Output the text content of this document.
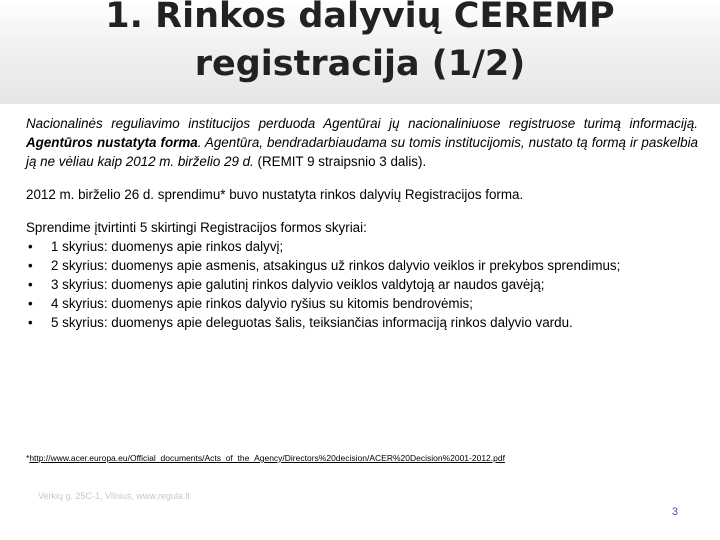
1. Rinkos dalyvių CEREMP
registracija (1/2)

Nacionalinės reguliavimo institucijos perduoda Agentūrai jų nacionaliniuose registruose turimą informaciją. Agentūros nustatyta forma. Agentūra, bendradarbiaudama su tomis institucijomis, nustato tą formą ir paskelbia ją ne vėliau kaip 2012 m. birželio 29 d. (REMIT 9 straipsnio 3 dalis).

2012 m. birželio 26 d. sprendimu* buvo nustatyta rinkos dalyvių Registracijos forma.

Sprendime įtvirtinti 5 skirtingi Registracijos formos skyriai:

• 1 skyrius: duomenys apie rinkos dalyvį;
• 2 skyrius: duomenys apie asmenis, atsakingus už rinkos dalyvio veiklos ir prekybos sprendimus;
• 3 skyrius: duomenys apie galutinį rinkos dalyvio veiklos valdytoją ar naudos gavėją;
• 4 skyrius: duomenys apie rinkos dalyvio ryšius su kitomis bendrovėmis;
• 5 skyrius: duomenys apie deleguotas šalis, teiksiančias informaciją rinkos dalyvio vardu.
*http://www.acer.europa.eu/Official_documents/Acts_of_the_Agency/Directors%20decision/ACER%20Decision%2001-2012.pdf
Verkių g. 25C-1, Vilnius, www.regula.lt
3
